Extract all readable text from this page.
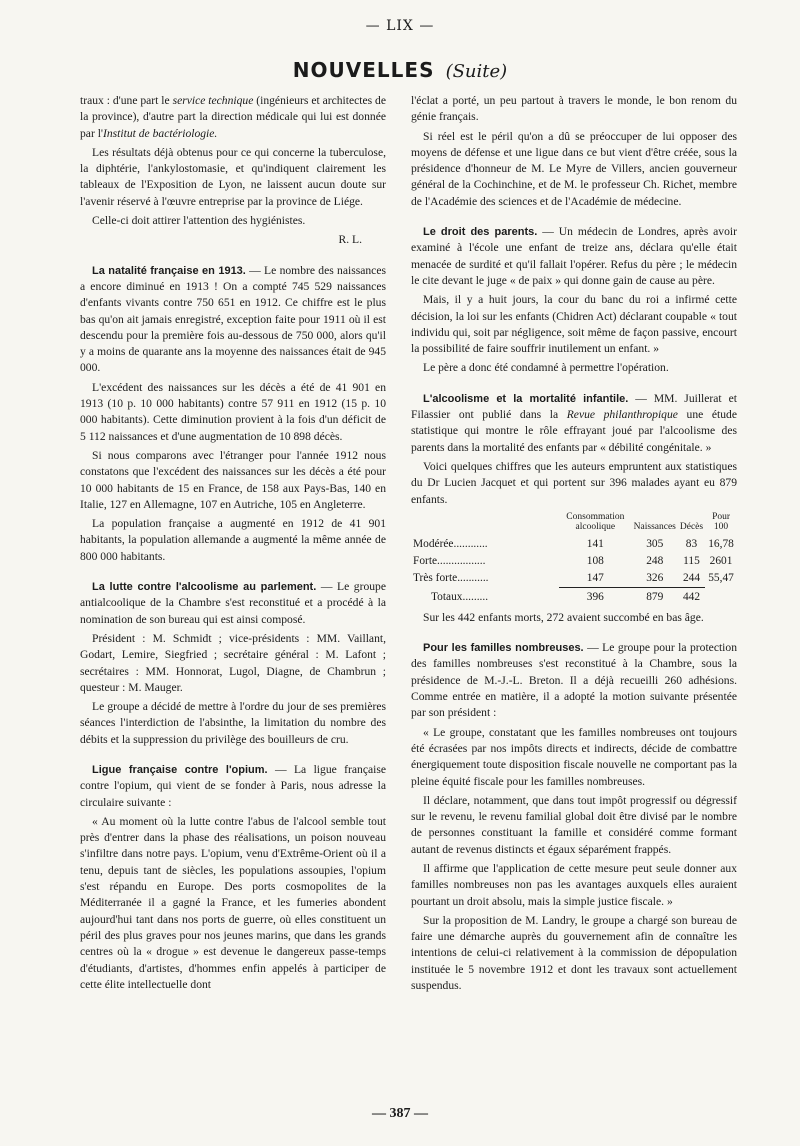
— LIX —
NOUVELLES (Suite)

traux : d'une part le service technique (ingénieurs et architectes de la province), d'autre part la direction médicale qui lui est donnée par l'Institut de bactériologie.

Les résultats déjà obtenus pour ce qui concerne la tuberculose, la diphtérie, l'ankylostomasie, et qu'indiquent clairement les tableaux de l'Exposition de Lyon, ne laissent aucun doute sur l'avenir réservé à l'œuvre entreprise par la province de Liége.

Celle-ci doit attirer l'attention des hygiénistes.

R. L.

La natalité française en 1913. — Le nombre des naissances a encore diminué en 1913 ! On a compté 745 529 naissances d'enfants vivants contre 750 651 en 1912. Ce chiffre est le plus bas qu'on ait jamais enregistré, exception faite pour 1911 où il est descendu pour la première fois au-dessous de 750 000, alors qu'il y a moins de quarante ans la moyenne des naissances était de 945 000.

L'excédent des naissances sur les décès a été de 41 901 en 1913 (10 p. 10 000 habitants) contre 57 911 en 1912 (15 p. 10 000 habitants). Cette diminution provient à la fois d'un déficit de 5 112 naissances et d'une augmentation de 10 898 décès.

Si nous comparons avec l'étranger pour l'année 1912 nous constatons que l'excédent des naissances sur les décès a été pour 10 000 habitants de 15 en France, de 158 aux Pays-Bas, 140 en Italie, 127 en Allemagne, 107 en Autriche, 105 en Angleterre.

La population française a augmenté en 1912 de 41 901 habitants, la population allemande a augmenté la même année de 800 000 habitants.

La lutte contre l'alcoolisme au parlement. — Le groupe antialcoolique de la Chambre s'est reconstitué et a procédé à la nomination de son bureau qui est ainsi composé.

Président : M. Schmidt ; vice-présidents : MM. Vaillant, Godart, Lemire, Siegfried ; secrétaire général : M. Lafont ; secrétaires : MM. Honnorat, Lugol, Diagne, de Chambrun ; questeur : M. Mauger.

Le groupe a décidé de mettre à l'ordre du jour de ses premières séances l'interdiction de l'absinthe, la limitation du nombre des débits et la suppression du privilège des bouilleurs de cru.

Ligue française contre l'opium. — La ligue française contre l'opium, qui vient de se fonder à Paris, nous adresse la circulaire suivante :

« Au moment où la lutte contre l'abus de l'alcool semble tout près d'entrer dans la phase des réalisations, un poison nouveau s'infiltre dans notre pays. L'opium, venu d'Extrême-Orient où il a tenu, depuis tant de siècles, les populations assoupies, l'opium s'est répandu en Europe. Des ports cosmopolites de la Méditerranée il a gagné la France, et les fumeries abondent aujourd'hui tant dans nos ports de guerre, où elles constituent un péril des plus graves pour nos jeunes marins, que dans les grands centres où la « drogue » est devenue le dangereux passe-temps d'étudiants, d'artistes, d'hommes enfin appelés à participer de cette élite intellectuelle dont

l'éclat a porté, un peu partout à travers le monde, le bon renom du génie français.

Si réel est le péril qu'on a dû se préoccuper de lui opposer des moyens de défense et une ligue dans ce but vient d'être créée, sous la présidence d'honneur de M. Le Myre de Villers, ancien gouverneur général de la Cochinchine, et de M. le professeur Ch. Richet, membre de l'Académie des sciences et de l'Académie de médecine.

Le droit des parents. — Un médecin de Londres, après avoir examiné à l'école une enfant de treize ans, déclara qu'elle était menacée de surdité et qu'il fallait l'opérer. Refus du père ; le médecin le cite devant le juge « de paix » qui donne gain de cause au père.

Mais, il y a huit jours, la cour du banc du roi a infirmé cette décision, la loi sur les enfants (Chidren Act) déclarant coupable « tout individu qui, soit par négligence, soit même de façon passive, encourt la possibilité de faire souffrir inutilement un enfant. »

Le père a donc été condamné à permettre l'opération.

L'alcoolisme et la mortalité infantile. — MM. Juillerat et Filassier ont publié dans la Revue philanthropique une étude statistique qui montre le rôle effrayant joué par l'alcoolisme des parents dans la mortalité des enfants par « débilité congénitale. »

Voici quelques chiffres que les auteurs empruntent aux statistiques du Dr Lucien Jacquet et qui portent sur 396 malades ayant eu 879 enfants.

	Consommation alcoolique	Naissances	Décès	Pour 100
Modérée............	141	305	83	16,78
Forte.................	108	248	115	2601
Très forte...........	147	326	244	55,47
Totaux.........	396	879	442	

Sur les 442 enfants morts, 272 avaient succombé en bas âge.

Pour les familles nombreuses. — Le groupe pour la protection des familles nombreuses s'est reconstitué à la Chambre, sous la présidence de M.-J.-L. Breton. Il a déjà recueilli 260 adhésions. Comme entrée en matière, il a adopté la motion suivante présentée par son président :

« Le groupe, constatant que les familles nombreuses ont toujours été écrasées par nos impôts directs et indirects, décide de combattre énergiquement toute disposition fiscale nouvelle ne comportant pas la pleine équité fiscale pour les familles nombreuses.

Il déclare, notamment, que dans tout impôt progressif ou dégressif sur le revenu, le revenu familial global doit être divisé par le nombre de personnes constituant la famille et considéré comme formant autant de revenus distincts et égaux séparément frappés.

Il affirme que l'application de cette mesure peut seule donner aux familles nombreuses non pas les avantages auxquels elles auraient pourtant un droit absolu, mais la simple justice fiscale. »

Sur la proposition de M. Landry, le groupe a chargé son bureau de faire une démarche auprès du gouvernement afin de connaître les intentions de celui-ci relativement à la commission de dépopulation instituée le 5 novembre 1912 et dont les travaux sont actuellement suspendus.

— 387 —
